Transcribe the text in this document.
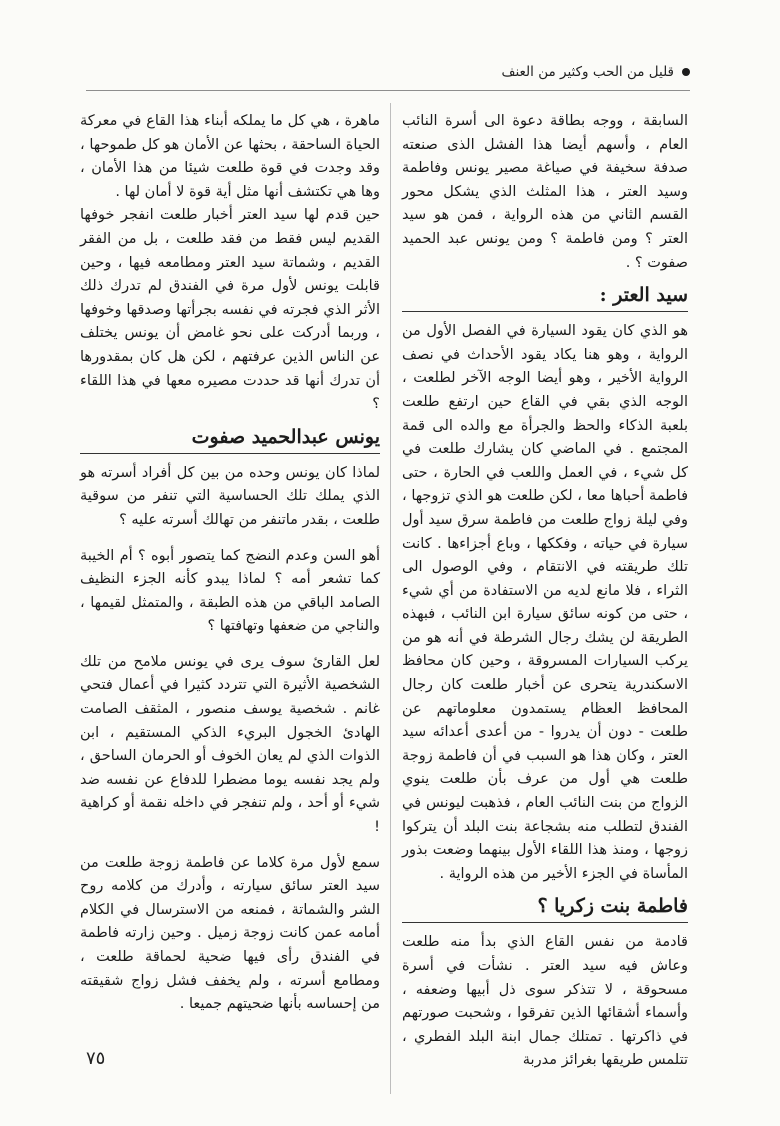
قليل من الحب وكثير من العنف

السابقة ، ووجه بطاقة دعوة الى أسرة النائب العام ، وأسهم أيضا هذا الفشل الذى صنعته صدفة سخيفة في صياغة مصير يونس وفاطمة وسيد العتر ، هذا المثلث الذي يشكل محور القسم الثاني من هذه الرواية ، فمن هو سيد العتر ؟ ومن فاطمة ؟ ومن يونس عبد الحميد صفوت ؟ .

سيد العتر :

هو الذي كان يقود السيارة في الفصل الأول من الرواية ، وهو هنا يكاد يقود الأحداث في نصف الرواية الأخير ، وهو أيضا الوجه الآخر لطلعت ، الوجه الذي بقي في القاع حين ارتفع طلعت بلعبة الذكاء والحظ والجرأة مع والده الى قمة المجتمع . في الماضي كان يشارك طلعت في كل شيء ، في العمل واللعب في الحارة ، حتى فاطمة أحباها معا ، لكن طلعت هو الذي تزوجها ، وفي ليلة زواج طلعت من فاطمة سرق سيد أول سيارة في حياته ، وفككها ، وباع أجزاءها . كانت تلك طريقته في الانتقام ، وفي الوصول الى الثراء ، فلا مانع لديه من الاستفادة من أي شيء ، حتى من كونه سائق سيارة ابن النائب ، فبهذه الطريقة لن يشك رجال الشرطة في أنه هو من يركب السيارات المسروقة ، وحين كان محافظ الاسكندرية يتحرى عن أخبار طلعت كان رجال المحافظ العظام يستمدون معلوماتهم عن طلعت - دون أن يدروا - من أعدى أعدائه سيد العتر ، وكان هذا هو السبب في أن فاطمة زوجة طلعت هي أول من عرف بأن طلعت ينوي الزواج من بنت النائب العام ، فذهبت ليونس في الفندق لتطلب منه بشجاعة بنت البلد أن يتركوا زوجها ، ومنذ هذا اللقاء الأول بينهما وضعت بذور المأساة في الجزء الأخير من هذه الرواية .

فاطمة بنت زكريا ؟

قادمة من نفس القاع الذي بدأ منه طلعت وعاش فيه سيد العتر . نشأت في أسرة مسحوقة ، لا تتذكر سوى ذل أبيها وضعفه ، وأسماء أشقائها الذين تفرقوا ، وشحبت صورتهم في ذاكرتها . تمتلك جمال ابنة البلد الفطري ، تتلمس طريقها بغرائز مدربة

ماهرة ، هي كل ما يملكه أبناء هذا القاع في معركة الحياة الساحقة ، بحثها عن الأمان هو كل طموحها ، وقد وجدت في قوة طلعت شيئا من هذا الأمان ، وها هي تكتشف أنها مثل أية قوة لا أمان لها .

حين قدم لها سيد العتر أخبار طلعت انفجر خوفها القديم ليس فقط من فقد طلعت ، بل من الفقر القديم ، وشماتة سيد العتر ومطامعه فيها ، وحين قابلت يونس لأول مرة في الفندق لم تدرك ذلك الأثر الذي فجرته في نفسه بجرأتها وصدقها وخوفها ، وربما أدركت على نحو غامض أن يونس يختلف عن الناس الذين عرفتهم ، لكن هل كان بمقدورها أن تدرك أنها قد حددت مصيره معها في هذا اللقاء ؟

يونس عبدالحميد صفوت

لماذا كان يونس وحده من بين كل أفراد أسرته هو الذي يملك تلك الحساسية التي تنفر من سوقية طلعت ، بقدر ماتنفر من تهالك أسرته عليه ؟

أهو السن وعدم النضج كما يتصور أبوه ؟ أم الخيبة كما تشعر أمه ؟ لماذا يبدو كأنه الجزء النظيف الصامد الباقي من هذه الطبقة ، والمتمثل لقيمها ، والناجي من ضعفها وتهافتها ؟

لعل القارئ سوف يرى في يونس ملامح من تلك الشخصية الأثيرة التي تتردد كثيرا في أعمال فتحي غانم . شخصية يوسف منصور ، المثقف الصامت الهادئ الخجول البريء الذكي المستقيم ، ابن الذوات الذي لم يعان الخوف أو الحرمان الساحق ، ولم يجد نفسه يوما مضطرا للدفاع عن نفسه ضد شيء أو أحد ، ولم تنفجر في داخله نقمة أو كراهية !

سمع لأول مرة كلاما عن فاطمة زوجة طلعت من سيد العتر سائق سيارته ، وأدرك من كلامه روح الشر والشماتة ، فمنعه من الاسترسال في الكلام أمامه عمن كانت زوجة زميل . وحين زارته فاطمة في الفندق رأى فيها ضحية لحماقة طلعت ، ومطامع أسرته ، ولم يخفف فشل زواج شقيقته من إحساسه بأنها ضحيتهم جميعا .

٧٥
